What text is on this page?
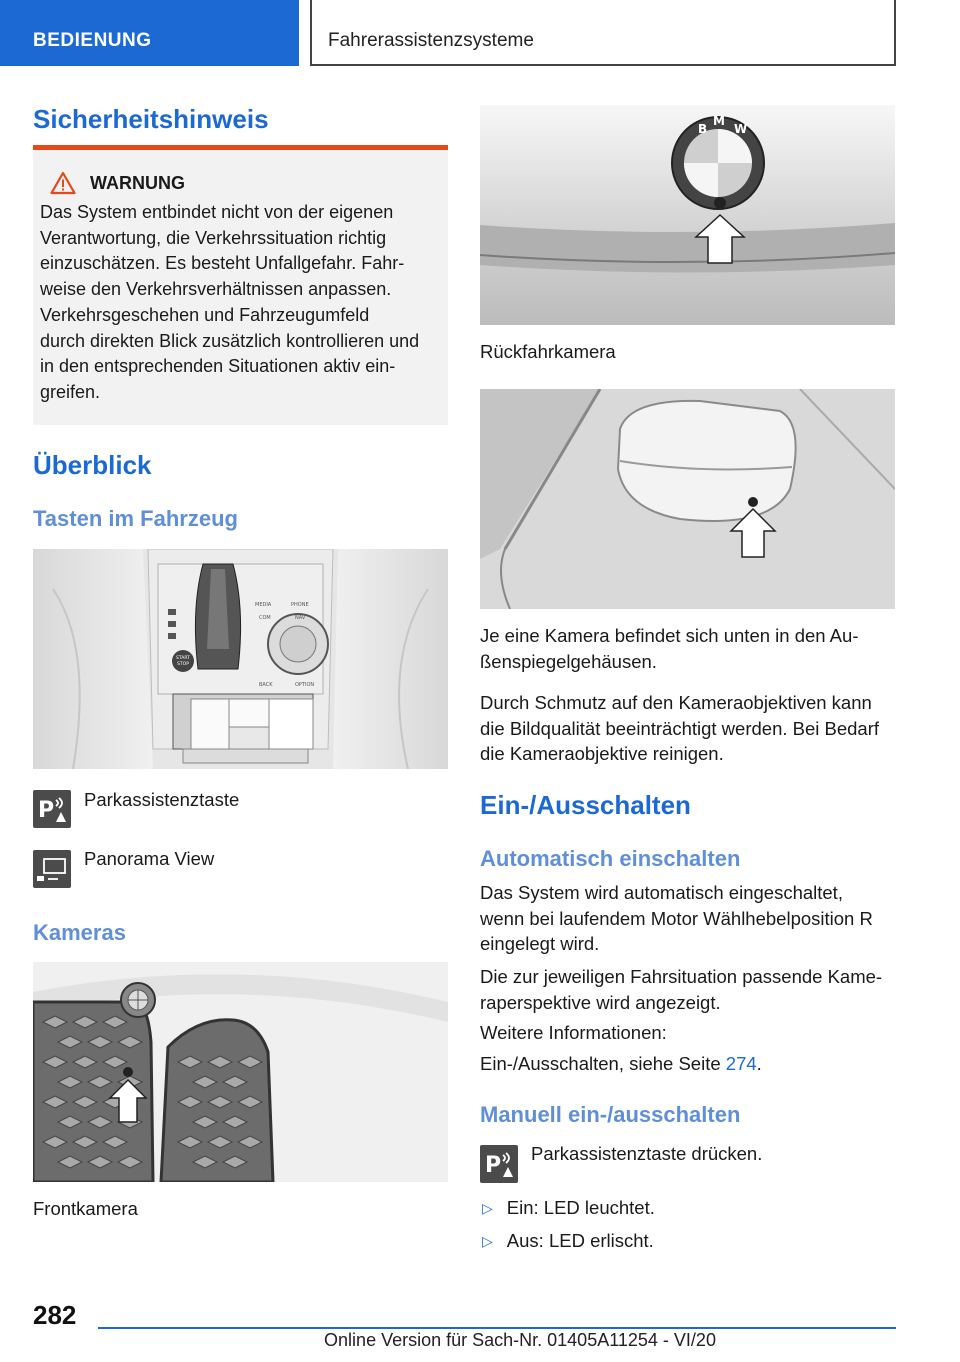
BEDIENUNG	Fahrerassistenzsysteme
Sicherheitshinweis
WARNUNG
Das System entbindet nicht von der eigenen
Verantwortung, die Verkehrssituation richtig
einzuschätzen. Es besteht Unfallgefahr. Fahr-
weise den Verkehrsverhältnissen anpassen.
Verkehrsgeschehen und Fahrzeugumfeld
durch direkten Blick zusätzlich kontrollieren und
in den entsprechenden Situationen aktiv ein-
greifen.
Überblick
Tasten im Fahrzeug
START
STOP
MEDIA	PHONE
COM	NAV
BACK	OPTION
P Parkassistenztaste
Panorama View
Kameras
Frontkamera
B
M
W
Rückfahrkamera
Je eine Kamera befindet sich unten in den Au-
ßenspiegelgehäusen.
Durch Schmutz auf den Kameraobjektiven kann
die Bildqualität beeinträchtigt werden. Bei Bedarf
die Kameraobjektive reinigen.
Ein-/Ausschalten
Automatisch einschalten
Das System wird automatisch eingeschaltet,
wenn bei laufendem Motor Wählhebelposition R
eingelegt wird.
Die zur jeweiligen Fahrsituation passende Kame-
raperspektive wird angezeigt.
Weitere Informationen:
Ein-/Ausschalten, siehe Seite 274.
Manuell ein-/ausschalten
P Parkassistenztaste drücken.
▷ Ein: LED leuchtet.
▷ Aus: LED erlischt.
282
Online Version für Sach-Nr. 01405A11254 - VI/20
